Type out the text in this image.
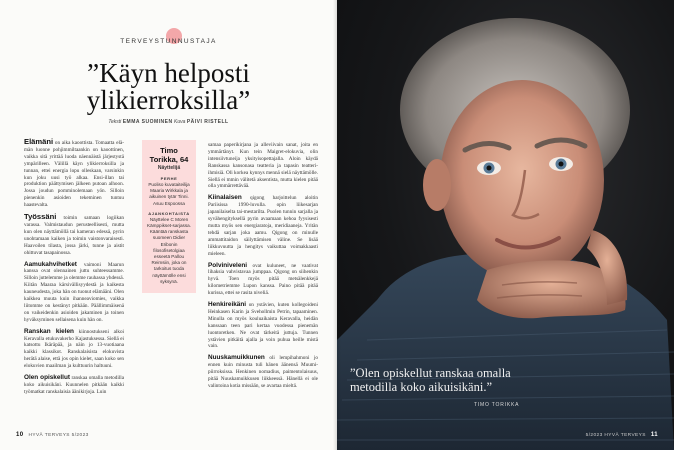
TERVEYSTUNNUSTAJA
”Käyn helposti
ylikierroksilla”
Teksti EMMA SUOMINEN Kuva PÄIVI RISTELL

Elämäni on aika kaoottista. Tomaatta elä-män luonne pohjimmiltaankin on kaoottinen, vaikka sitä yrittää luoda näennäistä järjestystä ympärilleen. Välillä käyn ylikierroksilla ja tunnan, ettei energia lopu olleskaan, varsinkin kun joku uusi työ alkaa. Ensi-illan tai produktion päättymisen jälkeen putoan alhoon. Jossa joudun pomminolemaan yön. Silloin pienenkin asioiden tekeminen tuntuu haastevalta.

Työssäni toimin samaan logiikan varassa. Valmistaudun perusteellisesti, mutta kun olen näyttämöllä tai kameran edessä, pyrin unohtamaan kaiken ja toimin vaistonvaraisesti. Haavoilen tilasta, jossa järki, tunne ja aistit ohittuvat tasapainossa.

Aamukahvihetket vaimoni Maarun kanssa ovat olennainen juttu suhteessamme. Silloin juttelemme ja olemme rauhassa yhdessä. Kiitän Maaraa kärsivällisyydestä ja kaikesta kauneudesta, joka hän on tuonut elämääni. Olen kaikkea muuta kuin ihanneaviomies, vaikka liitomme on kestänyt pitkään. Päällimmäisenä on vaikeidenkin asioiden jakaminen ja toinen hyväksyminen sellaisena kuin hän on.

Ranskan kielen kiinnostukseni alkoi Keravalla etukuvakerho Kajastuksessa. Siellä ei katsottu Ikäräpää, ja näin jo 13-vuotiaana kaikki klassikot. Ranskalaisista elokuvista herätä alaise, että jos opin kielet, saan koko sen elokuvien maailman ja kulttuurin haltuuni.

Olen opiskellut ranskaa omalla metodilla koko aikuisikäni. Kuunnelen pitkään kaikki työmatkat ranskalaisia äänikirjoja. Luin

Timo Torikka, 64
Näyttelijä
PERHE
Puoliso kuvataiteilija Maaria Wirkkala ja aikuinen tytär Tinni. Asuu Espoossa
AJANKOHTAISTA
Näyttelee C Moren Kämppikset-sarjassa. Kääntää ranskasta suomeen Didier Eribonin filosofisetolgiaa esseetä Pallou Reimsiin, joka on tarkoitus tuoda näyttämölle ensi syksynä.

samaa paperikirjana ja alleviivain sanat, joita en ymmärtänyt. Kun tein Maigret-elokuvia, olin intensiivtuneija yksityisopettajalla. Aloin käydä Ranskassa kansonasa teatteria ja tapasin teatteri-ihmisiä. Oli korkea kynnys mennä sielä näyttämölle. Siellä ei ​​mmin välitetä aksentista, mutta kielen pitää olla ymmärrettävää.

Kiinalaisen qigong harjoittelun aloitin Pariisissa 1990-luvulla. opin liikesarjan japanilaiselta tai-mestarilta. Puolen tunnin sarjalla ja syvähengityksellä pyrin avaamaan kehoa fyysisesti mutta myös sen energiaratoja, meridiaaneja. Yritän tehdä sarjan joka aamu. Qigong on minulle ammattitaidon säilyttämisen väline. Se lisää liikkuvuutta ja hengitys vaikuttaa voimakkaasti mieleen.

Polviniveleni ovat kuluneet, ne vaativat lihaksia vahvistavaa jumppaa. Qigong on siihenkin hyvä. Toen myös pitää metsälenkkejä kilometriemme Lupon kanssa. Paino pitää pitää kurissa, ettei se rasita niveliä.

Henkireikäni on ystävien, kuten kollegoideni Heinkasen Karin ja Svehollmin Petrin, tapaaminen. Minulla on myös kouluaikaista Keravalla, heidän kanssaan teen pari kertaa vuodessa pienemän luontoretken. Ne ovat tärkeitä juttuja. Tunnen ystävien pitkäitä ajalla ja voin puhua heille mistä vain.

Nuuskamuikkunen oli lempihahmoni jo ennen kuin minusta tuli hänen äänensä Muumi-piirroksissa. Henkinen nomadius, paimentolaisuus, pitää Nuuskamuikkusen liikkeessä. Hänellä ei ole valintoina kotia missään, se avartaa mieltä.

10 HYVÄ TERVEYS 5/2023
”Olen opiskellut ranskaa omalla metodilla koko aikuisikäni.”
TIMO TORIKKA
5/2023 HYVÄ TERVEYS 11
